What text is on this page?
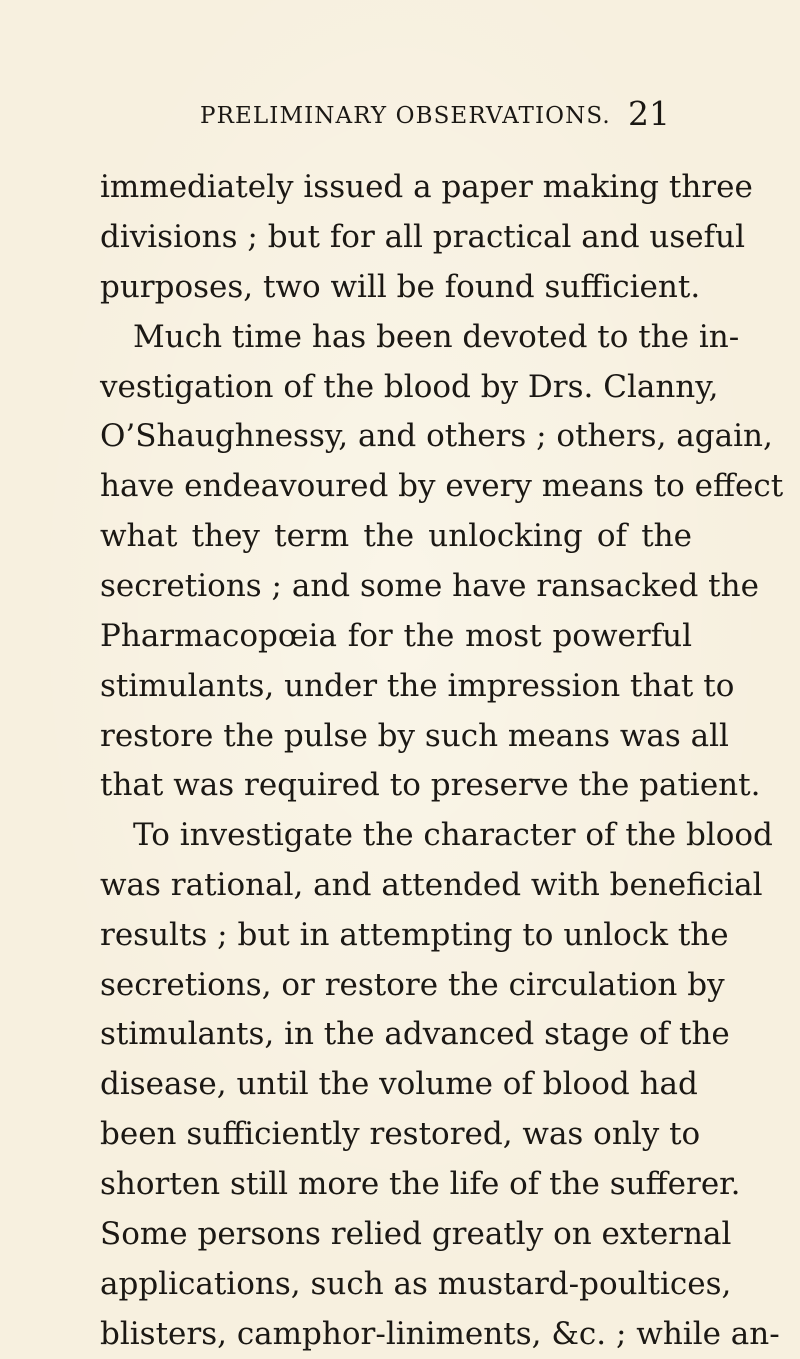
PRELIMINARY OBSERVATIONS. 21
immediately issued a paper making three
divisions ; but for all practical and useful
purposes, two will be found sufficient.
Much time has been devoted to the in-
vestigation of the blood by Drs. Clanny,
O’Shaughnessy, and others ; others, again,
have endeavoured by every means to effect
what they term the unlocking of the
secretions ; and some have ransacked the
Pharmacopœia for the most powerful
stimulants, under the impression that to
restore the pulse by such means was all
that was required to preserve the patient.
To investigate the character of the blood
was rational, and attended with beneficial
results ; but in attempting to unlock the
secretions, or restore the circulation by
stimulants, in the advanced stage of the
disease, until the volume of blood had
been sufficiently restored, was only to
shorten still more the life of the sufferer.
Some persons relied greatly on external
applications, such as mustard-poultices,
blisters, camphor-liniments, &c. ; while an-
